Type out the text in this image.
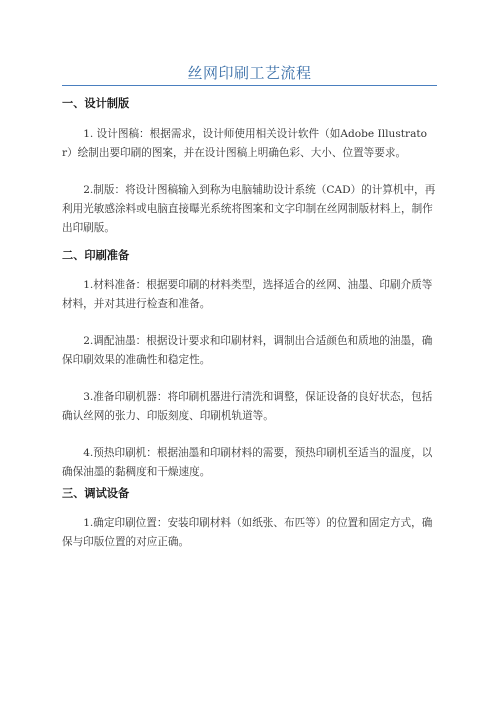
丝网印刷工艺流程
一、设计制版

1. 设计图稿：根据需求，设计师使用相关设计软件（如Adobe Illustrator）绘制出要印刷的图案，并在设计图稿上明确色彩、大小、位置等要求。

2.制版：将设计图稿输入到称为电脑辅助设计系统（CAD）的计算机中，再利用光敏感涂料或电脑直接曝光系统将图案和文字印制在丝网制版材料上，制作出印刷版。

二、印刷准备

1.材料准备：根据要印刷的材料类型，选择适合的丝网、油墨、印刷介质等材料，并对其进行检查和准备。

2.调配油墨：根据设计要求和印刷材料，调制出合适颜色和质地的油墨，确保印刷效果的准确性和稳定性。

3.准备印刷机器：将印刷机器进行清洗和调整，保证设备的良好状态，包括确认丝网的张力、印版刻度、印刷机轨道等。

4.预热印刷机：根据油墨和印刷材料的需要，预热印刷机至适当的温度，以确保油墨的黏稠度和干燥速度。

三、调试设备

1.确定印刷位置：安装印刷材料（如纸张、布匹等）的位置和固定方式，确保与印版位置的对应正确。
